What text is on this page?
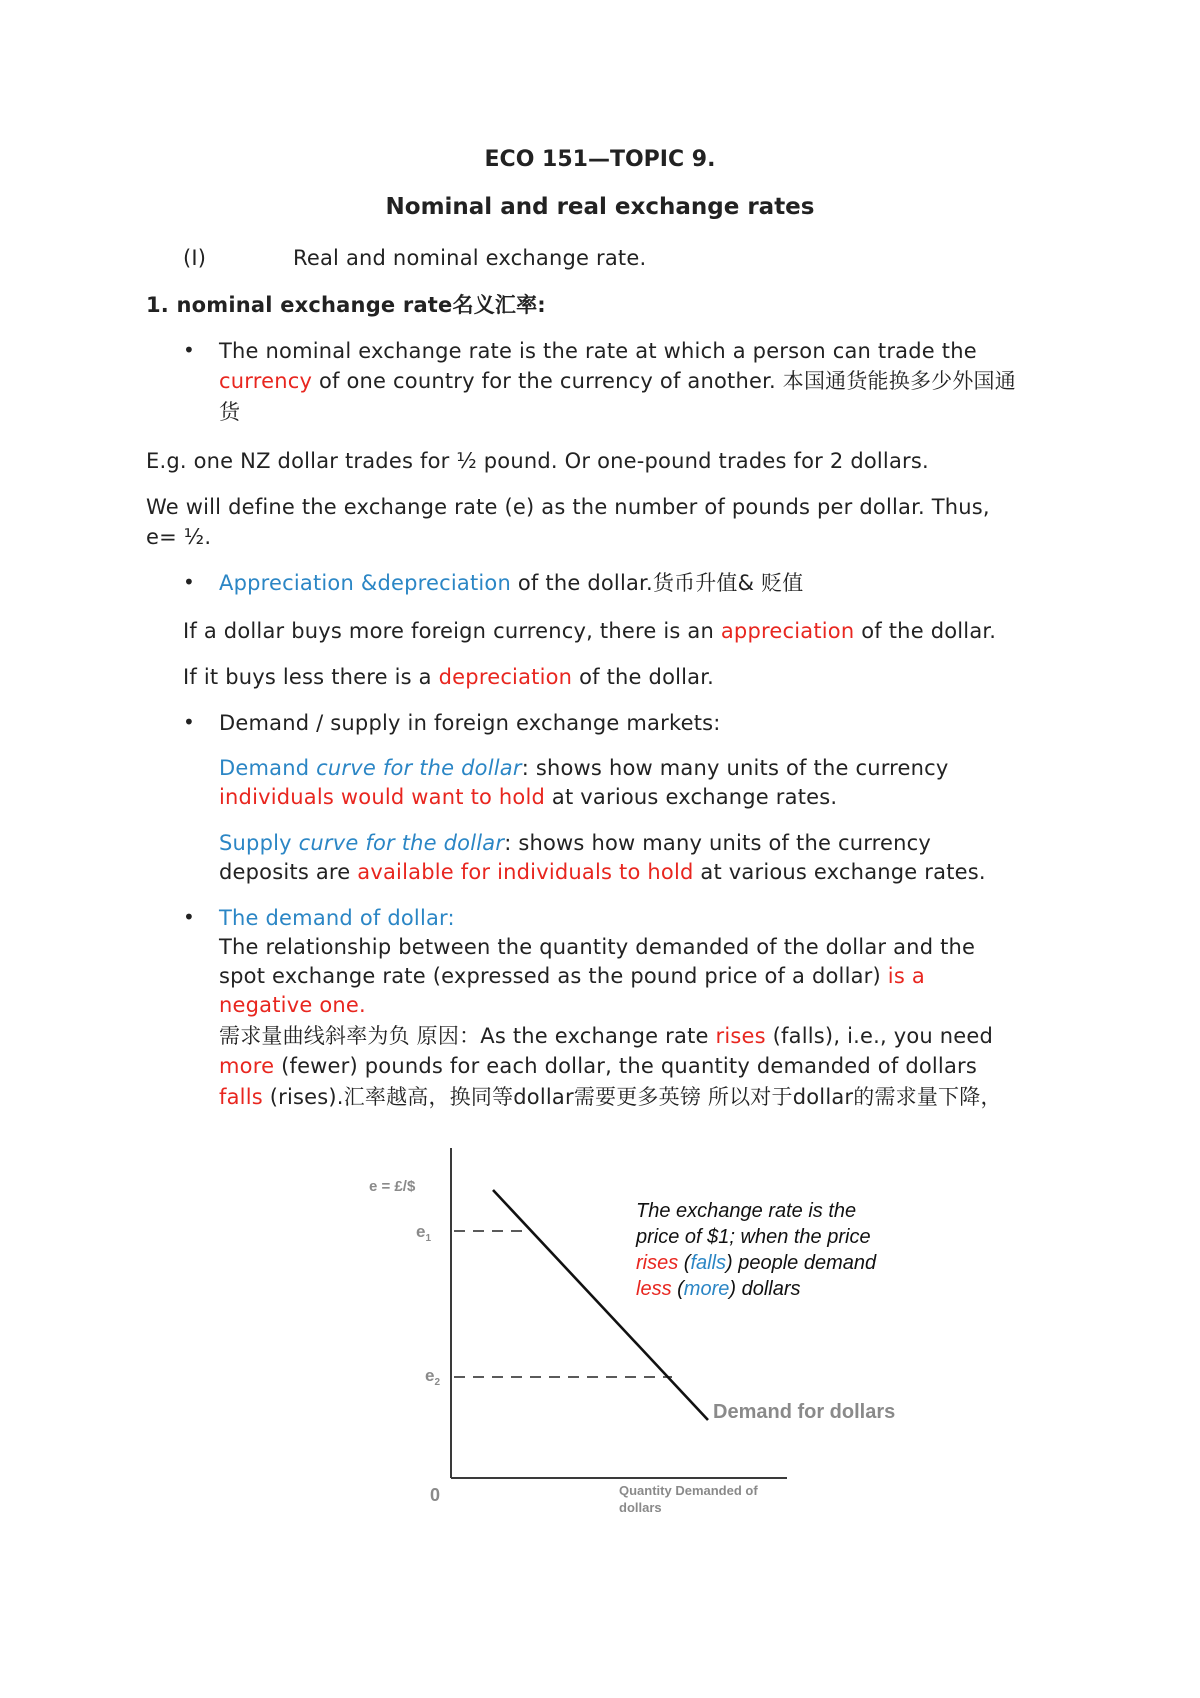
ECO 151—TOPIC 9.
Nominal and real exchange rates
(I)	Real and nominal exchange rate.
1. nominal exchange rate名义汇率:
• The nominal exchange rate is the rate at which a person can trade the
currency of one country for the currency of another. 本国通货能换多少外国通
货
E.g. one NZ dollar trades for ½ pound. Or one-pound trades for 2 dollars.
We will define the exchange rate (e) as the number of pounds per dollar. Thus,
e= ½.
• Appreciation &depreciation of the dollar.货币升值& 贬值
If a dollar buys more foreign currency, there is an appreciation of the dollar.
If it buys less there is a depreciation of the dollar.
• Demand / supply in foreign exchange markets:
Demand curve for the dollar: shows how many units of the currency
individuals would want to hold at various exchange rates.
Supply curve for the dollar: shows how many units of the currency
deposits are available for individuals to hold at various exchange rates.
• The demand of dollar:
The relationship between the quantity demanded of the dollar and the
spot exchange rate (expressed as the pound price of a dollar) is a
negative one.
需求量曲线斜率为负 原因：As the exchange rate rises (falls), i.e., you need
more (fewer) pounds for each dollar, the quantity demanded of dollars
falls (rises).汇率越高，换同等dollar需要更多英镑 所以对于dollar的需求量下降，
e = £/$
$e_1$
$e_2$
0	Quantity Demanded of
dollars
Demand for dollars
The exchange rate is the
price of $1; when the price
rises (falls) people demand
less (more) dollars
